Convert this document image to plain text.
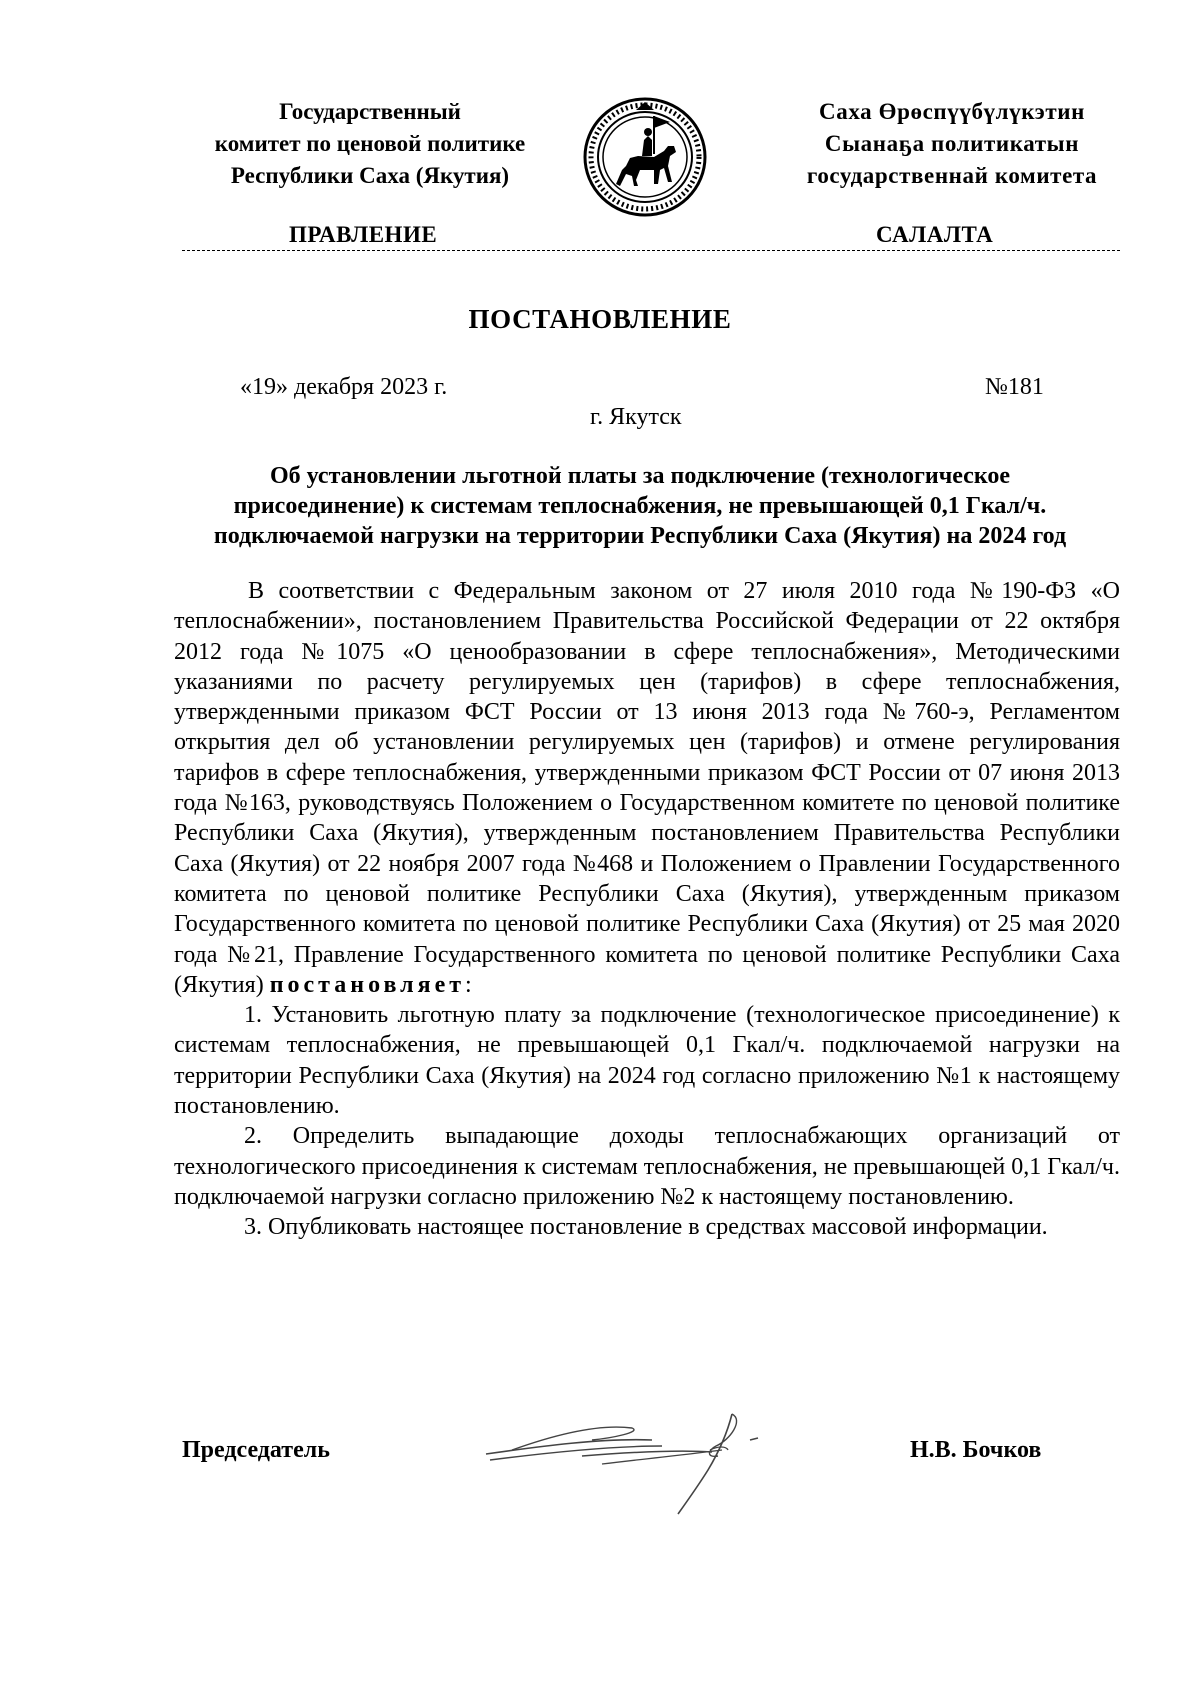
Государственный
комитет по ценовой политике
Республики Саха (Якутия)
Саха Өрөспүүбүлүкэтин
Сыанаҕа политикатын
государственнай комитета
ПРАВЛЕНИЕ	САЛАЛТА
ПОСТАНОВЛЕНИЕ
«19» декабря 2023 г.	№181
г. Якутск
Об установлении льготной платы за подключение (технологическое
присоединение) к системам теплоснабжения, не превышающей 0,1 Гкал/ч.
подключаемой нагрузки на территории Республики Саха (Якутия) на 2024 год

В соответствии с Федеральным законом от 27 июля 2010 года №190-ФЗ «О теплоснабжении», постановлением Правительства Российской Федерации от 22 октября 2012 года №1075 «О ценообразовании в сфере теплоснабжения», Методическими указаниями по расчету регулируемых цен (тарифов) в сфере теплоснабжения, утвержденными приказом ФСТ России от 13 июня 2013 года №760-э, Регламентом открытия дел об установлении регулируемых цен (тарифов) и отмене регулирования тарифов в сфере теплоснабжения, утвержденными приказом ФСТ России от 07 июня 2013 года №163, руководствуясь Положением о Государственном комитете по ценовой политике Республики Саха (Якутия), утвержденным постановлением Правительства Республики Саха (Якутия) от 22 ноября 2007 года №468 и Положением о Правлении Государственного комитета по ценовой политике Республики Саха (Якутия), утвержденным приказом Государственного комитета по ценовой политике Республики Саха (Якутия) от 25 мая 2020 года №21, Правление Государственного комитета по ценовой политике Республики Саха (Якутия) постановляет:

1. Установить льготную плату за подключение (технологическое присоединение) к системам теплоснабжения, не превышающей 0,1 Гкал/ч. подключаемой нагрузки на территории Республики Саха (Якутия) на 2024 год согласно приложению №1 к настоящему постановлению.

2. Определить выпадающие доходы теплоснабжающих организаций от технологического присоединения к системам теплоснабжения, не превышающей 0,1 Гкал/ч. подключаемой нагрузки согласно приложению №2 к настоящему постановлению.

3. Опубликовать настоящее постановление в средствах массовой информации.

Председатель	Н.В. Бочков
